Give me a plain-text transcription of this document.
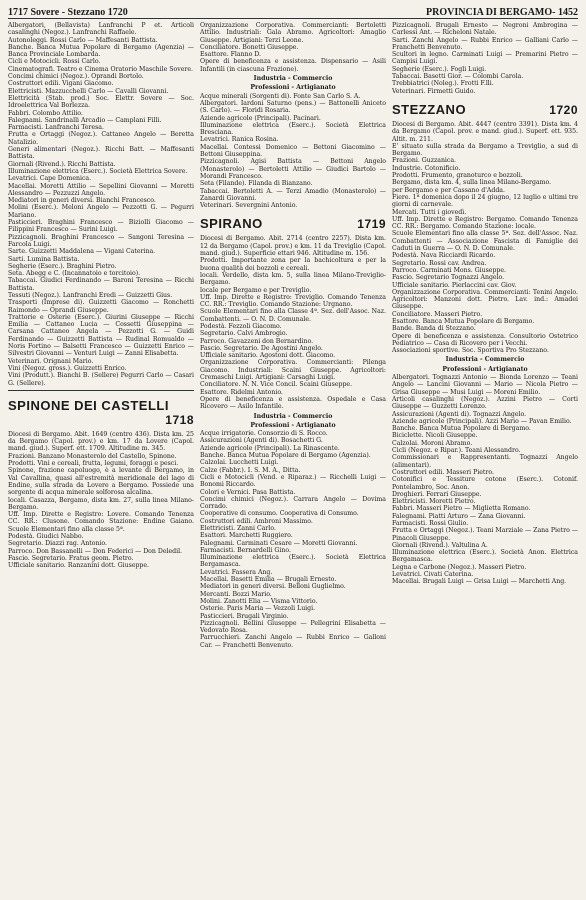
1717 Sovere - Stezzano 1720	PROVINCIA DI BERGAMO - 1452

Albergatori, (Bellavista) Lanfranchi P et. Articoli casalinghi (Negoz.). Lanfranchi Raffaele.

Autonoleggi. Rossi Carlo — Maffesanti Battista.

Banche. Banca Mutua Popolare di Bergamo (Agenzia) — Banca Provinciale Lombarda.

Cicli e Motocicli. Rossi Carlo.

Cinematografi. Teatro e Cinema Oratorio Maschile Sovere.

Concimi chimici (Negoz.). Oprandi Bortolo.

Costruttori edili. Vigani Giacomo.

Elettricisti. Mazzucchelli Carlo — Cavalli Giovanni.

Elettricità (Stab. prod.) Soc. Elettr. Sovere — Soc. Idroelettrica Val Borlezza.

Fabbri. Colombo Attilio.

Falegnami. Sandrinalli Arcadio — Camplani Filli.

Farmacisti. Lanfranchi Teresa.

Frutta e Ortaggi (Negoz.). Cattaneo Angelo — Beretta Natalizio.

Generi alimentari (Negoz.). Ricchi Batt. — Maffesanti Battista.

Giornali (Rivend.). Ricchi Battista.

Illuminazione elettrica (Eserc.). Società Elettrica Sovere.

Levatrici. Cape Domenica.

Macellai. Moretti Attilio — Sepellini Giovanni — Moretti Alessandro — Pezzuzzi Angelo.

Mediatori in generi diversi. Bianchi Francesco.

Molini (Eserc.). Meloni Angelo — Pezzotti G. — Pegurri Mariano.

Pasticcieri. Braghini Francesco — Biziolli Giacomo — Filippini Francesco — Surini Luigi.

Pizzicagnoli. Braghini Francesco — Sangoni Teresina — Farcola Luigi.

Sarte. Guizzetti Maddalena — Vigani Caterina.

Sarti. Lumina Battista.

Segherie (Eserc.). Braghini Pietro.

Seta. Abegg e C. (Incannatoio e torcitoio).

Tabaccai. Giudici Ferdinando — Baroni Teresina — Ricchi Battista.

Tessuti (Negoz.). Lanfranchi Eredi — Guizzetti Gius.

Trasporti (Imprese di). Guizzetti Giacomo — Ronchetti Raimondo — Oprandi Giuseppe.

Trattorie e Osterie (Eserc.). Giurini Giuseppe — Ricchi Emilia — Cattaneo Lucia — Cossetti Giuseppina — Carsana Cattaneo Angela — Pezzotti G. — Guidi Ferdinando — Guizzetti Battista — Rudinal Romualdo — Noris Fortino — Balsetti Francesco — Guizzetti Enrico — Silvestri Giovanni — Venturi Luigi — Zanni Elisabetta.

Veterinari. Orignani Mario.

Vini (Negoz. gross.). Guizzetti Enrico.

Vini (Produtt.). Bianchi B. (Sellere) Pegurri Carlo — Casari G. (Sellere).

SPINONE DEI CASTELLI
1718

Diocesi di Bergamo. Abit. 1649 (centro 436). Dista km. 25 da Bergamo (Capol. prov.) e km. 17 da Lovere (Capol. mand. giud.). Superf. ett. 1709. Altitudine m. 345.

Frazioni. Banzano Monasterolo del Castello, Spinone.

Prodotti. Vini e cereali, frutta, legumi, foraggi e pesci.

Spinone, frazione capoluogo, è a levante di Bergamo, in Val Cavallina, quasi all'estremità meridionale del lago di Endine, sulla strada da Lovere a Bergamo. Possiede una sorgente di acqua minerale solforosa alcalina.

locali. Casazza, Bergamo, dista km. 27, sulla linea Milano-Bergamo.

Uff. Imp. Dirette e Registro: Lovere. Comando Tenenza CC. RR.: Clusone. Comando Stazione: Endine Gaiano. Scuole Elementari fino alla classe 5ª.

Podestà. Giudici Nabbo.

Segretario. Diazzi rag. Antonio.

Parroco. Don Bassanelli — Don Federici — Don Deledil.

Fascio. Segretario. Fratus geom. Pietro.

Ufficiale sanitario. Ranzanini dott. Giuseppe.

Organizzazione Corporativa. Commercianti: Bertoletti Attilio. Industriali: Gala Abramo. Agricoltori: Amaglio Giuseppe. Artigiani: Terzi Leone.

Conciliatore. Bonetti Giuseppe.

Esattore. Flanno D.

Opere di beneficenza e assistenza. Dispensario — Asili Infantili (in ciascuna Frazione).

Industria - Commercio

Professioni - Artigianato

Acque minerali (Sorgenti di). Fonte San Carlo S. A.

Albergatori. Iardoni Saturno (pens.) — Battonelli Aniceto (S. Carlo). — Floridi Rosaria.

Aziende agricole (Principali). Pacinari.

Illuminazione elettrica (Eserc.). Società Elettrica Bresciana.

Levatrici. Ranica Rosina.

Macellai. Contessi Domenico — Bettoni Giacomino — Bettoni Giuseppina.

Pizzicagnoli. Agisi Battista — Bettoni Angelo (Monasterolo) — Bertoletti Attilio — Giudici Bartolo — Morandi Francesco.

Seta (Filande). Filanda di Bianzano.

Tabaccai. Bertoletti A. — Terzi Amadio (Monasterolo) — Zanardi Giovanni.

Veterinari. Severgnini Antonio.

SPIRANO	1719

Diocesi di Bergamo. Abit. 2714 (centro 2257). Dista km. 12 da Bergamo (Capol. prov.) e km. 11 da Treviglio (Capol. mand. giud.). Superficie ettari 946. Altitudine m. 156.

Prodotti. Importante zona per la bachicoltura e per la buona qualità dei bozzoli e cereali.

locali. Verdello, dista km. 5, sulla linea Milano-Treviglio-Bergamo.

locale per Bergamo e per Treviglio.

Uff. Imp. Dirette e Registro: Treviglio. Comando Tenenza CC. RR.: Treviglio. Comando Stazione: Urgnano.

Scuole Elementari fino alla Classe 4ª. Sez. dell'Assoc. Naz. Combattenti. — O. N. D. Comunale.

Podestà. Fezzoli Giacomo.

Segretario. Calvi Ambrogio.

Parroco. Gavazzeni don Bernardino.

Fascio. Segretario. De Agostini Angelo.

Ufficiale sanitario. Agostoni dott. Giacomo.

Organizzazione Corporativa. Commercianti: Pilenga Giacomo. Industriali: Scaini Giuseppe. Agricoltori: Cremaschi Luigi. Artigiani: Carsaghi Luigi.

Conciliatore. N. N. Vice Concil. Scaini Giuseppe.

Esattore. Ridelmi Antonio.

Opere di beneficenza e assistenza. Ospedale e Casa Ricovero — Asilo Infantile.

Industria - Commercio

Professioni - Artigianato

Acque irrigatorie. Consorzio di S. Rocco.

Assicurazioni (Agenti di). Bosachetti G.

Aziende agricole (Principali). La Rinascente.

Banche. Banca Mutua Popolare di Bergamo (Agenzia).

Calzolai. Lucchetti Luigi.

Calze (Fabbr.). I. S. M. A., Ditta.

Cicli e Motocicli (Vend. e Riparaz.) — Ricchelli Luigi — Bonomi Riccardo.

Colori e Vernici. Pasa Battista.

Concimi chimici (Negoz.). Carrara Angelo — Dovima Corrado.

Cooperative di consumo. Cooperativa di Consumo.

Costruttori edili. Ambroni Massimo.

Elettricisti. Zanni Carlo.

Esattori. Marchetti Ruggiero.

Falegnami. Carminati Cesare — Moretti Giovanni.

Farmacisti. Bernardelli Gino.

Illuminazione elettrica (Eserc.). Società Elettrica Bergamasca.

Levatrici. Fassera Ang.

Macellai. Basetti Emilia — Brugali Ernesto.

Mediatori in generi diversi. Belloni Guglielmo.

Mercanti. Bozzi Mario.

Molini. Zanotti Elia — Visma Vittorio.

Osterie. Paris Maria — Vezzoli Luigi.

Pasticcieri. Brugali Virginio.

Pizzicagnoli. Bellini Giuseppe — Pellegrini Elisabetta — Vedovato Rosa.

Parrucchieri. Zanchi Angelo — Rubbi Enrico — Galloni Car. — Franchetti Benvenuto.

Pizzicagnoli. Brugali Ernesto — Negroni Ambrogina — Carlessi Ant. — Richeloni Natale.

Sarti. Zanchi Angelo — Rubbi Enrico — Galliani Carlo — Franchetti Benvenuto.

Scultori in legno. Carminati Luigi — Premarini Pietro — Campisi Luigi.

Segherie (Eserc.). Fogli Luigi.

Tabaccai. Basetti Gior. — Colombi Carola.

Trebbiatrici (Noleg.). Frotti F.lli.

Veterinari. Firmetti Guido.

STEZZANO	1720

Diocesi di Bergamo. Abit. 4447 (centro 3391). Dista km. 4 da Bergamo (Capol. prov. e mand. giud.). Superf. ett. 935. Altit. m. 211.

E' situato sulla strada da Bergamo a Treviglio, a sud di Bergamo.

Frazioni. Guzzanica.

Industrie. Cotonificio.

Prodotti. Frumento, granoturco e bozzoli.

Bergamo, dista km. 4, sulla linea Milano-Bergamo.

per Bergamo e per Cassano d'Adda.

Fiere. 1ª domenica dopo il 24 giugno, 12 luglio e ultimi tre giorni di carnevale.

Mercati. Tutti i giovedì.

Uff. Imp. Dirette e Registro: Bergamo. Comando Tenenza CC. RR.: Bergamo. Comando Stazione: locale.

Scuole Elementari fino alla classe 5ª. Sez. dell'Assoc. Naz. Combattenti — Associazione Fascista di Famiglie dei Caduti in Guerra — O. N. D. Comunale.

Podestà. Nava Ricciardi Ricardo.

Segretario. Rossi cav. Andrea.

Parroco. Carminati Mons. Giuseppe.

Fascio. Segretario Tognazzi Angelo.

Ufficiale sanitario. Pierlaccini cav. Giov.

Organizzazione Corporativa. Commercianti: Tenini Angelo. Agricoltori: Manzoni dott. Pietro. Lav. ind.: Amadei Giuseppe.

Conciliatore. Masseri Pietro.

Esattore. Banca Mutua Popolare di Bergamo.

Bande. Banda di Stezzano.

Opere di beneficenza e assistenza. Consultorio Ostetrico Pediatrico — Casa di Ricovero per i Vecchi.

Associazioni sportive. Soc. Sportiva Pro Stezzano.

Industria - Commercio

Professioni - Artigianato

Albergatori. Tognazzi Antonio — Bionda Lorenzo — Teani Angelo — Lancini Giovanni — Mario — Nicola Pietro — Grisa Giuseppe — Musi Luigi — Moreni Emilio.

Articoli casalinghi (Negoz.). Azzini Pietro — Corti Giuseppe — Guzzetti Lorenzo.

Assicurazioni (Agenti di). Tognazzi Angelo.

Aziende agricole (Principali). Azzi Mario — Pavan Emilio.

Banche. Banca Mutua Popolare di Bergamo.

Biciclette. Nicoli Giuseppe.

Calzolai. Moroni Abramo.

Cicli (Negoz. e Ripar.). Teani Alessandro.

Commissionari e Rappresentanti. Tognazzi Angelo (alimentari).

Costruttori edili. Masseri Pietro.

Cotonifici e Tessiture cotone (Eserc.). Cotonif. Pontelambro, Soc. Anon.

Droghieri. Ferrari Giuseppe.

Elettricisti. Moretti Pietro.

Fabbri. Masseri Pietro — Miglietta Romano.

Falegnami. Piatti Arturo — Zana Giovanni.

Farmacisti. Rossi Giulio.

Frutta e Ortaggi (Negoz.). Teani Marziale — Zana Pietro — Pinacoli Giuseppe.

Giornali (Rivend.). Valtulina A.

Illuminazione elettrica (Eserc.). Società Anon. Elettrica Bergamasca.

Legna e Carbone (Negoz.). Masseri Pietro.

Levatrici. Civati Caterina.

Macellai. Brugali Luigi — Grisa Luigi — Marchetti Ang.
